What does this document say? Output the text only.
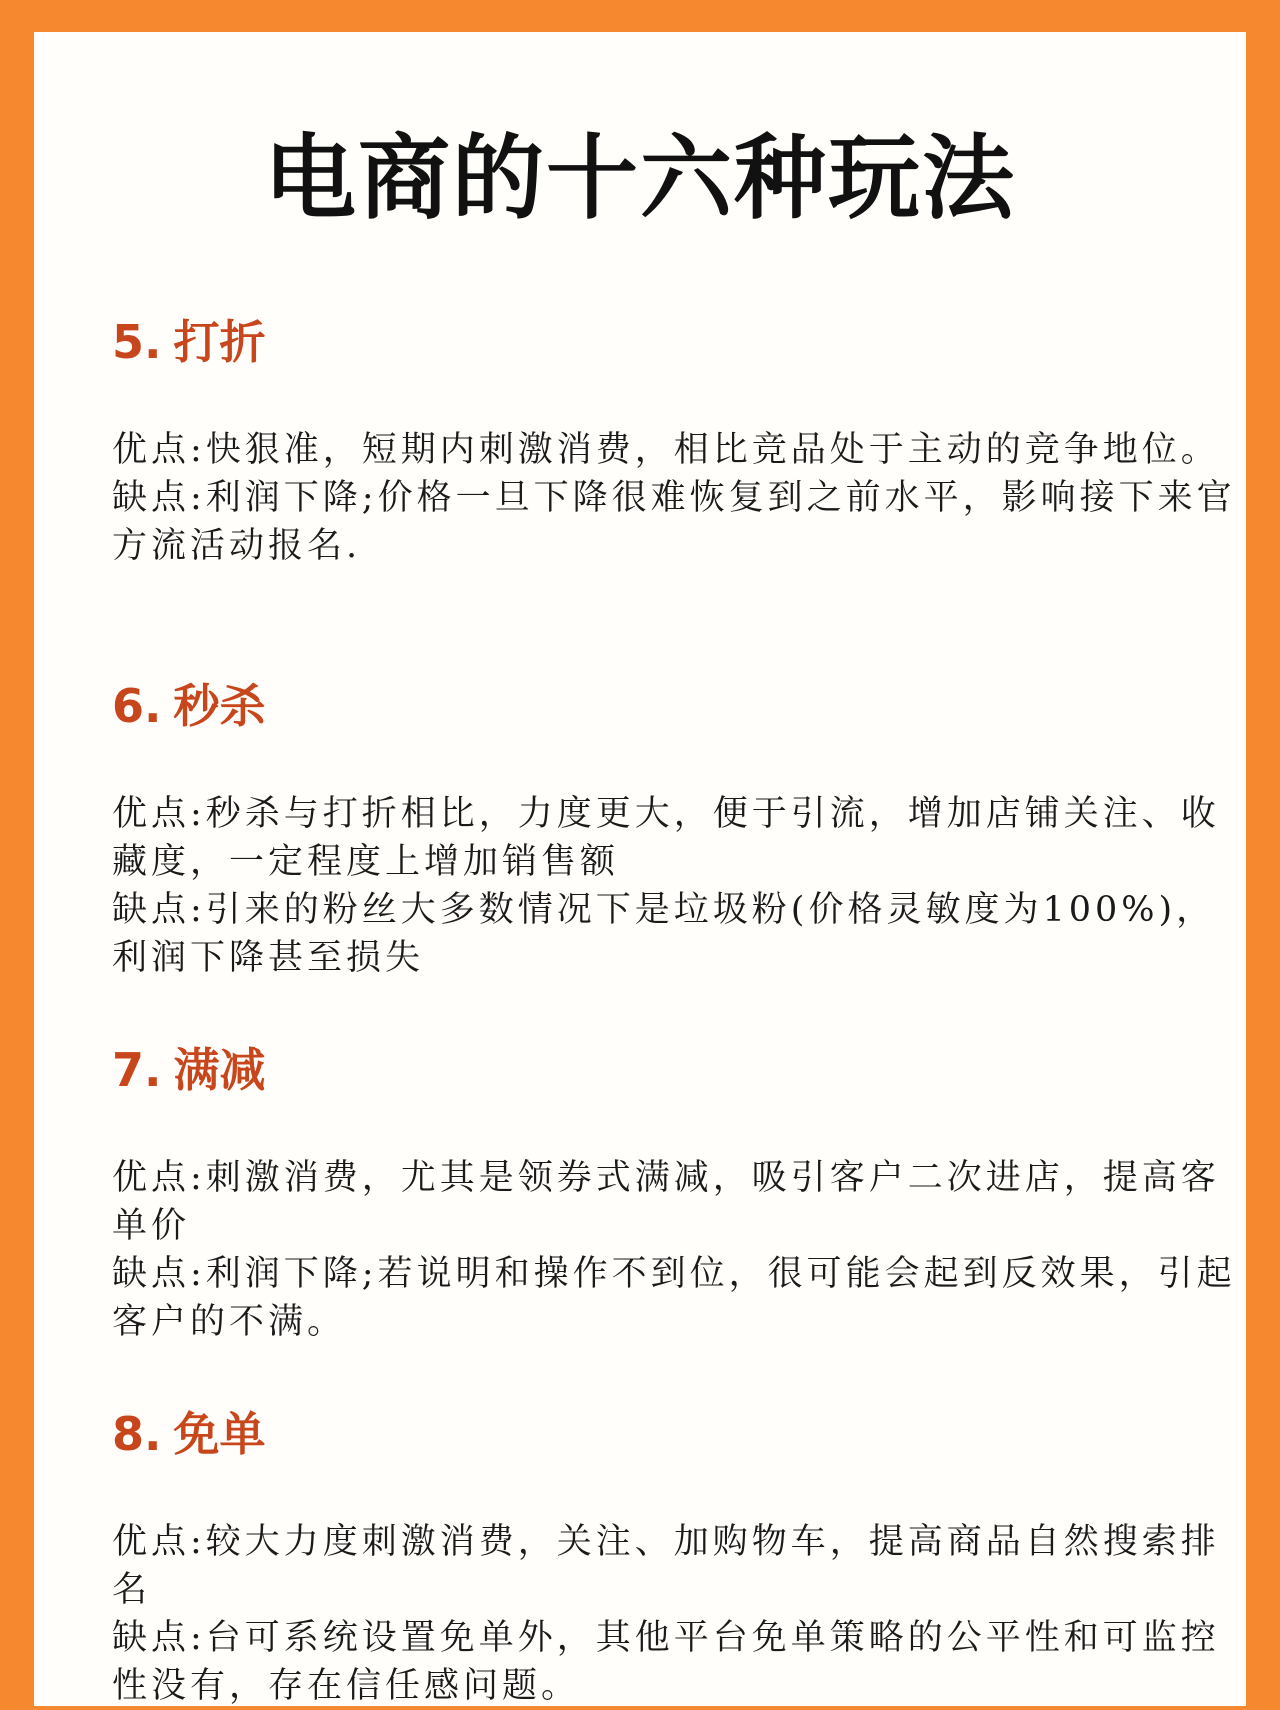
电商的十六种玩法
5. 打折

优点:快狠准，短期内刺激消费，相比竞品处于主动的竞争地位。

缺点:利润下降;价格一旦下降很难恢复到之前水平，影响接下来官方流活动报名.

6. 秒杀

优点:秒杀与打折相比，力度更大，便于引流，增加店铺关注、收藏度，一定程度上增加销售额

缺点:引来的粉丝大多数情况下是垃圾粉(价格灵敏度为100%)，利润下降甚至损失

7. 满减

优点:刺激消费，尤其是领券式满减，吸引客户二次进店，提高客单价

缺点:利润下降;若说明和操作不到位，很可能会起到反效果，引起客户的不满。

8. 免单

优点:较大力度刺激消费，关注、加购物车，提高商品自然搜索排名

缺点:台可系统设置免单外，其他平台免单策略的公平性和可监控性没有，存在信任感问题。
